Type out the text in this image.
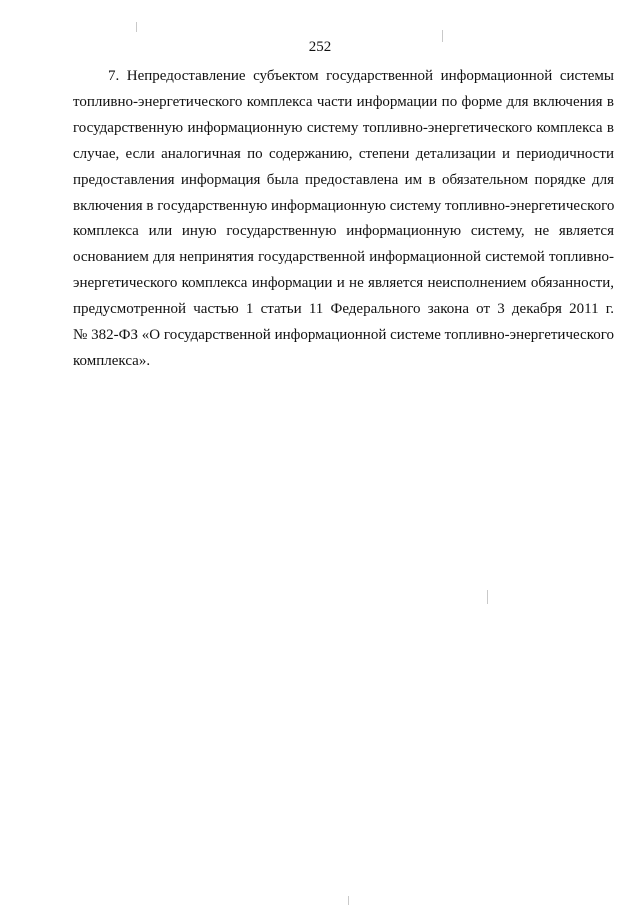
252

7. Непредоставление субъектом государственной информационной системы
топливно-энергетического комплекса части информации по форме для включения в
государственную информационную систему топливно-энергетического комплекса в
случае, если аналогичная по содержанию, степени детализации и периодичности
предоставления информация была предоставлена им в обязательном порядке для
включения в государственную информационную систему топливно-энергетического
комплекса или иную государственную информационную систему, не является
основанием для непринятия государственной информационной системой топливно-
энергетического комплекса информации и не является неисполнением обязанности,
предусмотренной частью 1 статьи 11 Федерального закона от 3 декабря 2011 г.
№ 382-ФЗ «О государственной информационной системе топливно-энергетического
комплекса».
